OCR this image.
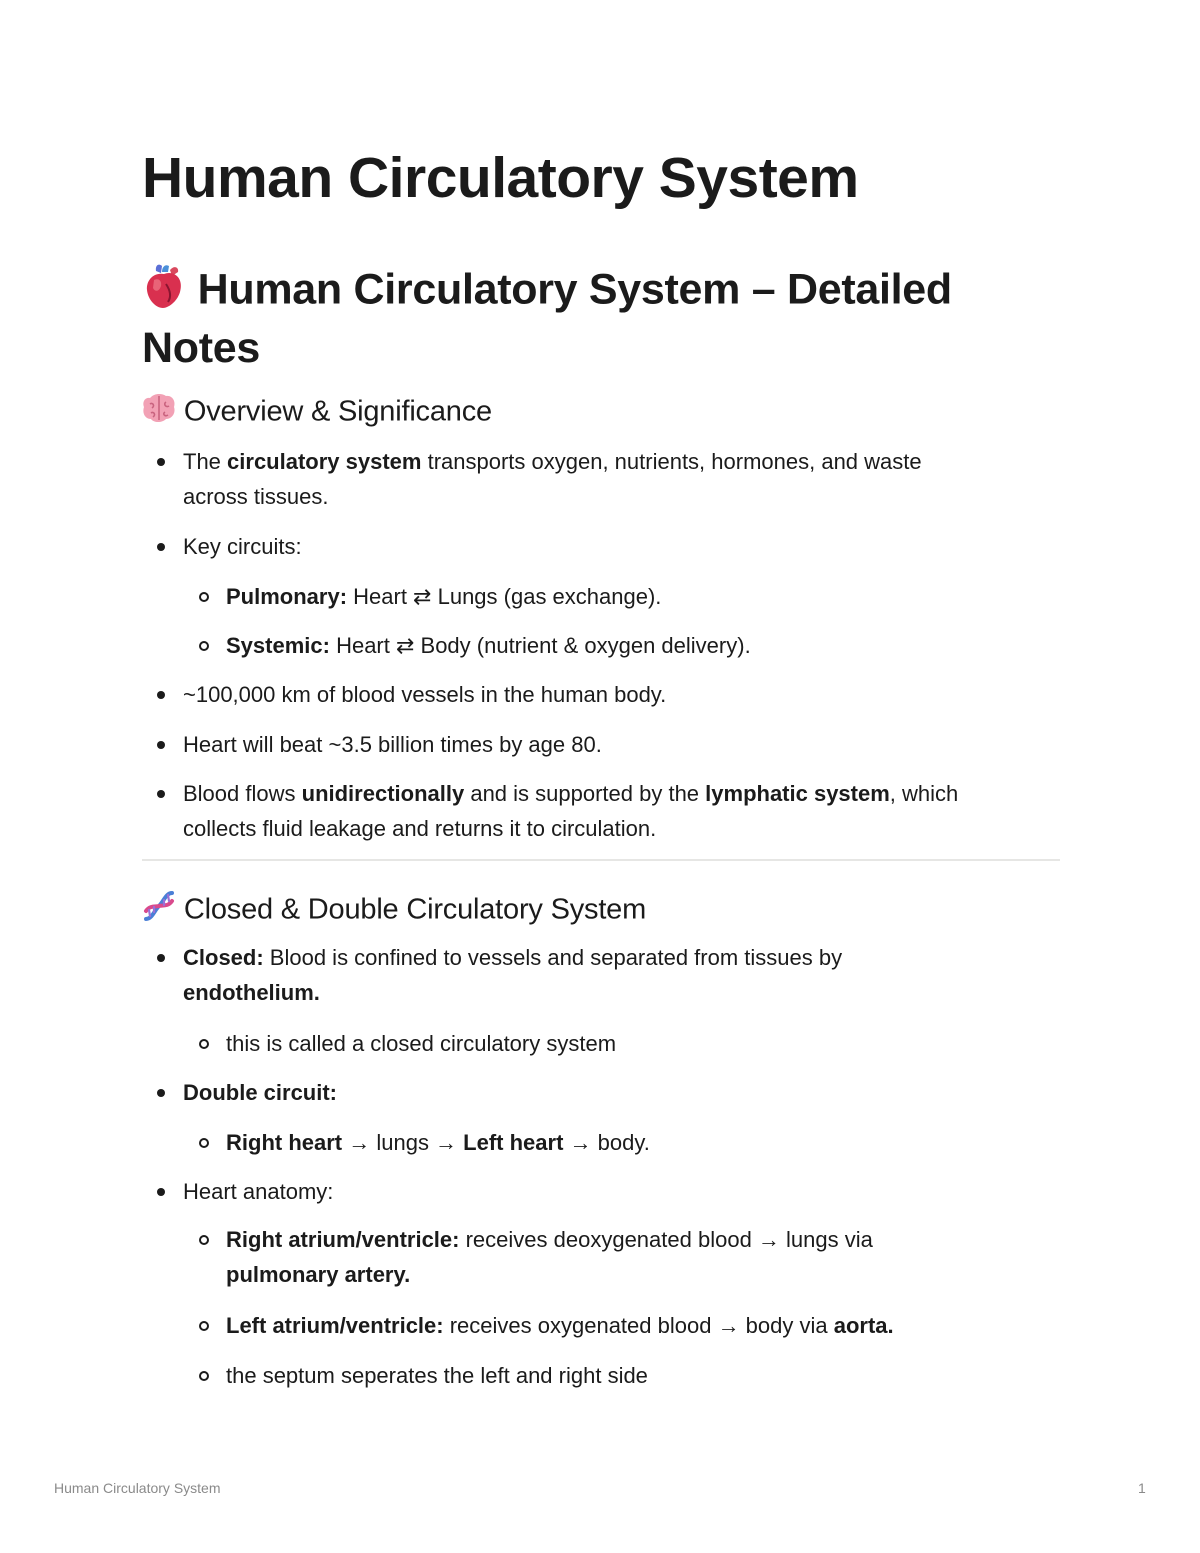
Human Circulatory System
Human Circulatory System – Detailed Notes
Overview & Significance
The circulatory system transports oxygen, nutrients, hormones, and waste
across tissues.
Key circuits:
Pulmonary: Heart ⇄ Lungs (gas exchange).
Systemic: Heart ⇄ Body (nutrient & oxygen delivery).
~100,000 km of blood vessels in the human body.
Heart will beat ~3.5 billion times by age 80.
Blood flows unidirectionally and is supported by the lymphatic system, which
collects fluid leakage and returns it to circulation.
Closed & Double Circulatory System
Closed: Blood is confined to vessels and separated from tissues by
endothelium.
this is called a closed circulatory system
Double circuit:
Right heart → lungs → Left heart → body.
Heart anatomy:
Right atrium/ventricle: receives deoxygenated blood → lungs via
pulmonary artery.
Left atrium/ventricle: receives oxygenated blood → body via aorta.
the septum seperates the left and right side
Human Circulatory System	1
